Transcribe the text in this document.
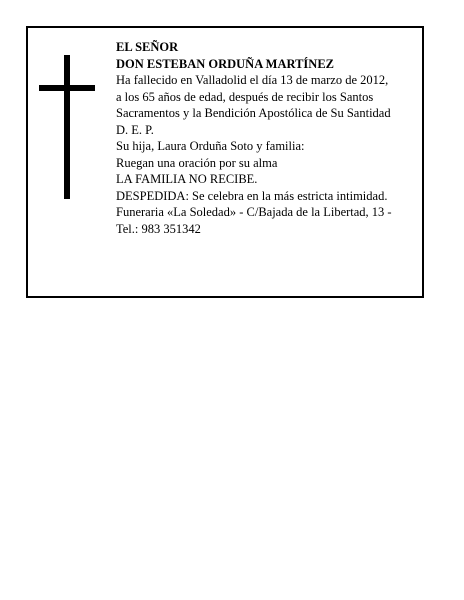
EL SEÑOR

DON ESTEBAN ORDUÑA MARTÍNEZ

Ha fallecido en Valladolid el día 13 de marzo de 2012,

a los 65 años de edad, después de recibir los Santos

Sacramentos y la Bendición Apostólica de Su Santidad

D. E. P.

Su hija, Laura Orduña Soto y familia:

Ruegan una oración por su alma

LA FAMILIA NO RECIBE.

DESPEDIDA: Se celebra en la más estricta intimidad.

Funeraria «La Soledad» - C/Bajada de la Libertad, 13 -

Tel.: 983 351342
